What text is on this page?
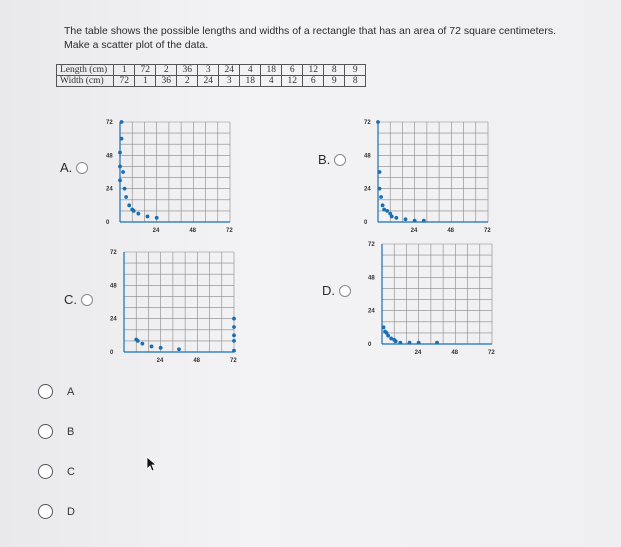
The table shows the possible lengths and widths of a rectangle that has an area of 72 square centimeters. Make a scatter plot of the data.
Length (cm)	1	72	2	36	3	24	4	18	6	12	8	9
Width (cm)	72	1	36	2	24	3	18	4	12	6	9	8
A.
72
48
24
0
24	48	72
B.
72
48
24
0
24	48	72
C.
72
48
24
0
24	48	72
D.
72
48
24
0
24	48	72
A
B
C
D
